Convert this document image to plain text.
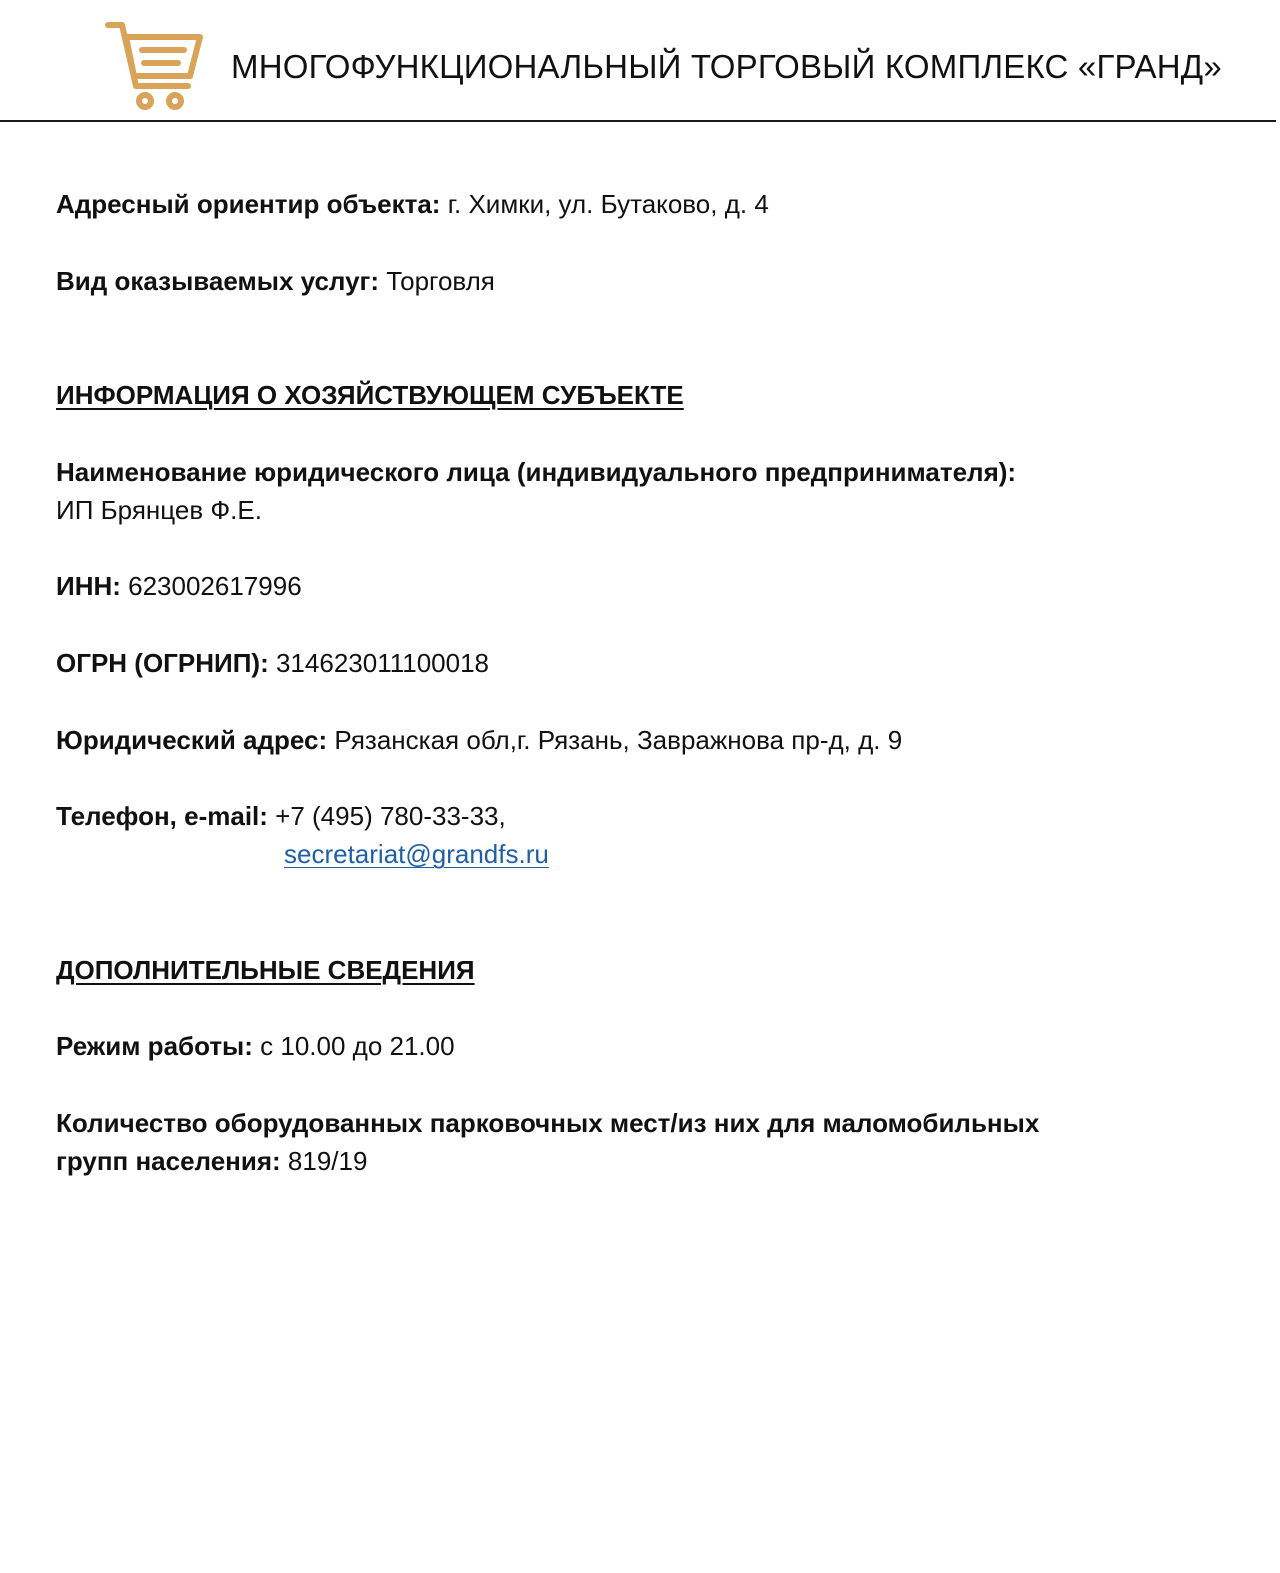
МНОГОФУНКЦИОНАЛЬНЫЙ ТОРГОВЫЙ КОМПЛЕКС «ГРАНД»
Адресный ориентир объекта: г. Химки, ул. Бутаково, д. 4
Вид оказываемых услуг: Торговля
ИНФОРМАЦИЯ О ХОЗЯЙСТВУЮЩЕМ СУБЪЕКТЕ
Наименование юридического лица (индивидуального предпринимателя):
ИП Брянцев Ф.Е.
ИНН: 623002617996
ОГРН (ОГРНИП): 314623011100018
Юридический адрес: Рязанская обл,г. Рязань, Завражнова пр-д, д. 9
Телефон, e-mail: +7 (495) 780-33-33,
secretariat@grandfs.ru
ДОПОЛНИТЕЛЬНЫЕ СВЕДЕНИЯ
Режим работы: с 10.00 до 21.00
Количество оборудованных парковочных мест/из них для маломобильных
групп населения: 819/19
